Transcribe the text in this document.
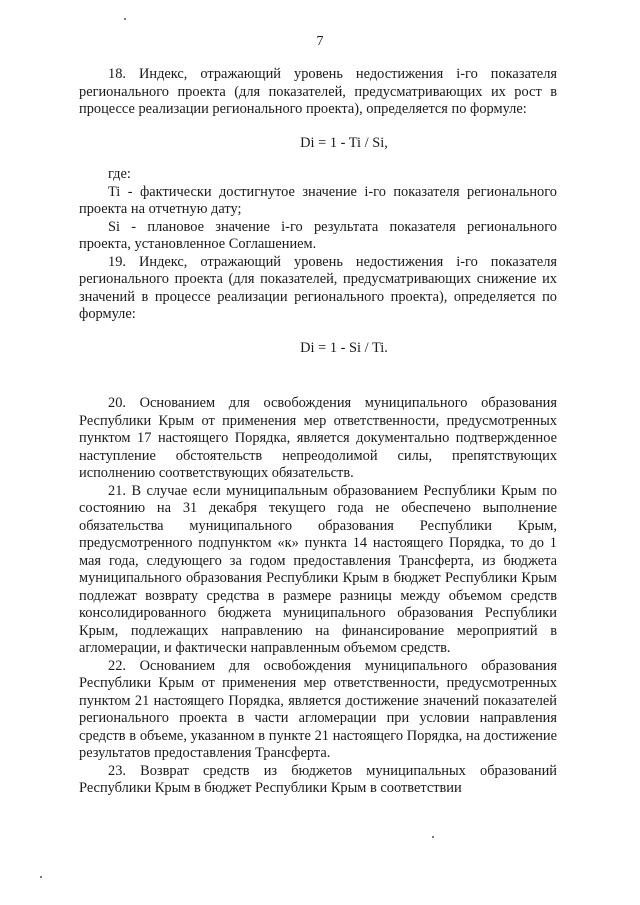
7

18. Индекс, отражающий уровень недостижения i-го показателя регионального проекта (для показателей, предусматривающих их рост в процессе реализации регионального проекта), определяется по формуле:

Di = 1 - Ti / Si,

где:

Ti - фактически достигнутое значение i-го показателя регионального проекта на отчетную дату;

Si - плановое значение i-го результата показателя регионального проекта, установленное Соглашением.

19. Индекс, отражающий уровень недостижения i-го показателя регионального проекта (для показателей, предусматривающих снижение их значений в процессе реализации регионального проекта), определяется по формуле:

Di = 1 - Si / Ti.

20. Основанием для освобождения муниципального образования Республики Крым от применения мер ответственности, предусмотренных пунктом 17 настоящего Порядка, является документально подтвержденное наступление обстоятельств непреодолимой силы, препятствующих исполнению соответствующих обязательств.

21. В случае если муниципальным образованием Республики Крым по состоянию на 31 декабря текущего года не обеспечено выполнение обязательства муниципального образования Республики Крым, предусмотренного подпунктом «к» пункта 14 настоящего Порядка, то до 1 мая года, следующего за годом предоставления Трансферта, из бюджета муниципального образования Республики Крым в бюджет Республики Крым подлежат возврату средства в размере разницы между объемом средств консолидированного бюджета муниципального образования Республики Крым, подлежащих направлению на финансирование мероприятий в агломерации, и фактически направленным объемом средств.

22. Основанием для освобождения муниципального образования Республики Крым от применения мер ответственности, предусмотренных пунктом 21 настоящего Порядка, является достижение значений показателей регионального проекта в части агломерации при условии направления средств в объеме, указанном в пункте 21 настоящего Порядка, на достижение результатов предоставления Трансферта.

23. Возврат средств из бюджетов муниципальных образований Республики Крым в бюджет Республики Крым в соответствии
